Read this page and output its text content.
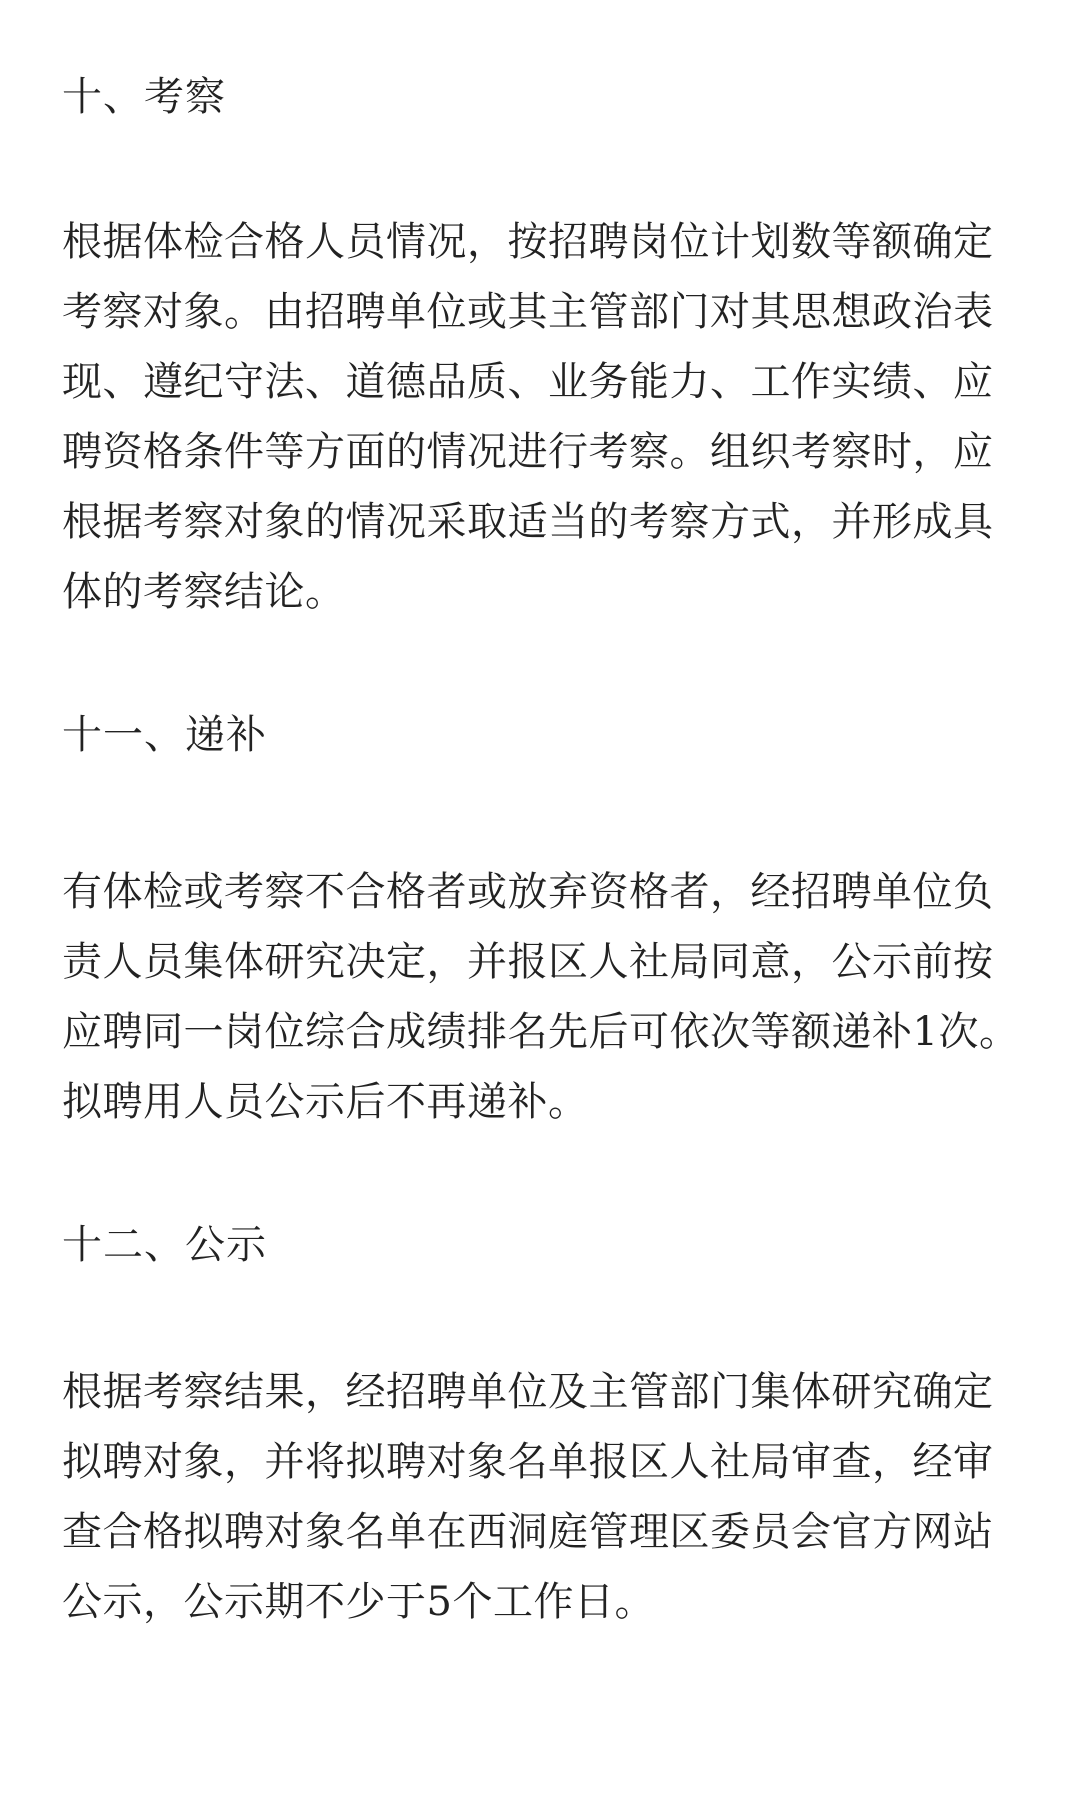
十、考察
根据体检合格人员情况，按招聘岗位计划数等额确定
考察对象。由招聘单位或其主管部门对其思想政治表
现、遵纪守法、道德品质、业务能力、工作实绩、应
聘资格条件等方面的情况进行考察。组织考察时，应
根据考察对象的情况采取适当的考察方式，并形成具
体的考察结论。
十一、递补
有体检或考察不合格者或放弃资格者，经招聘单位负
责人员集体研究决定，并报区人社局同意，公示前按
应聘同一岗位综合成绩排名先后可依次等额递补1次。
拟聘用人员公示后不再递补。
十二、公示
根据考察结果，经招聘单位及主管部门集体研究确定
拟聘对象，并将拟聘对象名单报区人社局审查，经审
查合格拟聘对象名单在西洞庭管理区委员会官方网站
公示，公示期不少于5个工作日。
